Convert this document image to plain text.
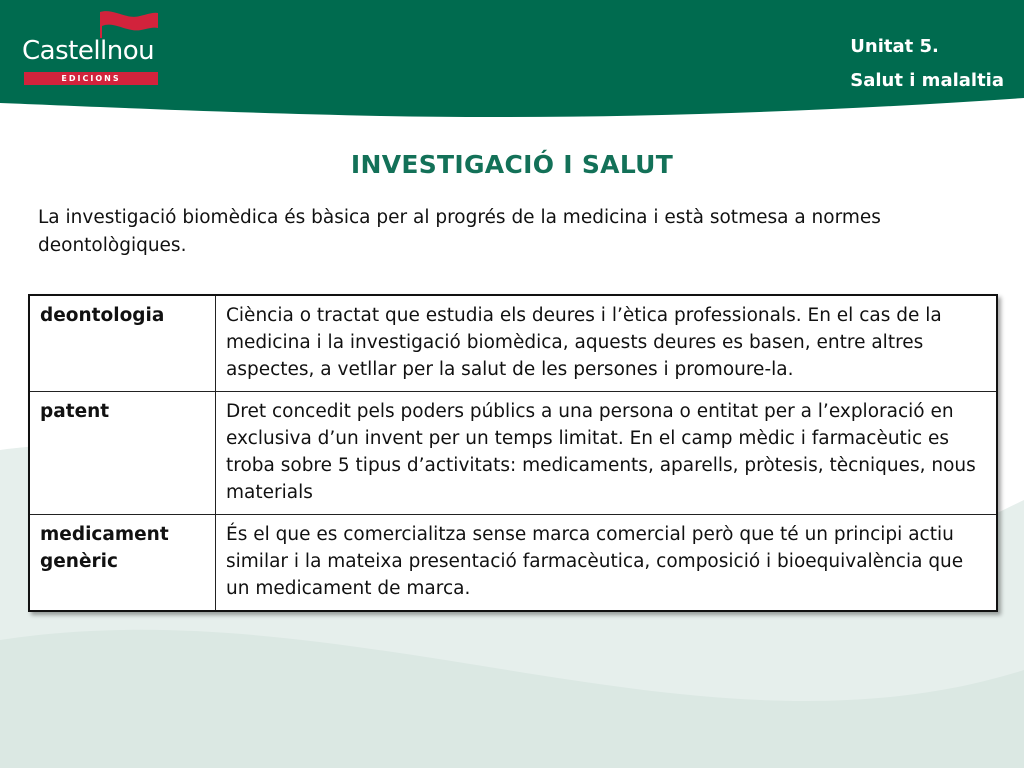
Castellnou
EDICIONS
Unitat 5.
Salut i malaltia
INVESTIGACIÓ I SALUT
La investigació biomèdica és bàsica per al progrés de la medicina i està sotmesa a normes deontològiques.
deontologia	Ciència o tractat que estudia els deures i l’ètica professionals. En el cas de la medicina i la investigació biomèdica, aquests deures es basen, entre altres aspectes, a vetllar per la salut de les persones i promoure-la.
patent	Dret concedit pels poders públics a una persona o entitat per a l’exploració en exclusiva d’un invent per un temps limitat. En el camp mèdic i farmacèutic es troba sobre 5 tipus d’activitats: medicaments, aparells, pròtesis, tècniques, nous materials
medicament genèric	És el que es comercialitza sense marca comercial però que té un principi actiu similar i la mateixa presentació farmacèutica, composició i bioequivalència que un medicament de marca.
